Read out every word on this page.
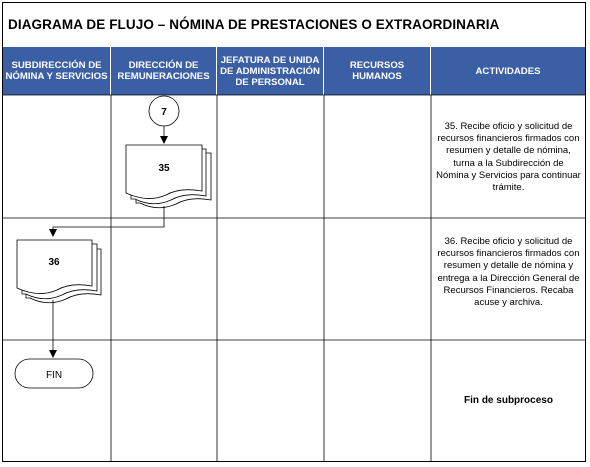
DIAGRAMA DE FLUJO – NÓMINA DE PRESTACIONES O EXTRAORDINARIA
SUBDIRECCIÓN DE NÓMINA Y SERVICIOS
DIRECCIÓN DE REMUNERACIONES
JEFATURA DE UNIDA DE ADMINISTRACIÓN DE PERSONAL
RECURSOS HUMANOS	ACTIVIDADES
7
35
36
FIN
35. Recibe oficio y solicitud de recursos financieros firmados con resumen y detalle de nómina, turna a la Subdirección de Nómina y Servicios para continuar trámite.
36. Recibe oficio y solicitud de recursos financieros firmados con resumen y detalle de nómina y entrega a la Dirección General de Recursos Financieros. Recaba acuse y archiva.
Fin de subproceso
